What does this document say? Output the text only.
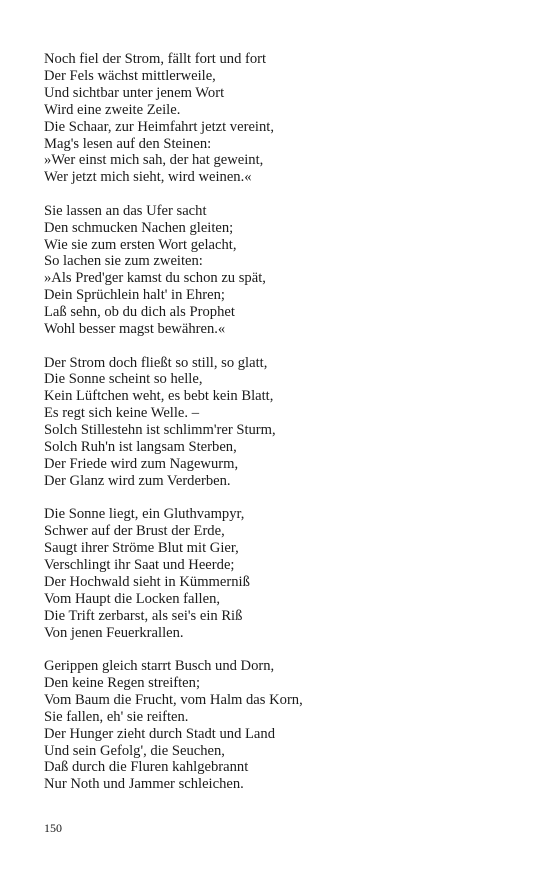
Noch fiel der Strom, fällt fort und fort
Der Fels wächst mittlerweile,
Und sichtbar unter jenem Wort
Wird eine zweite Zeile.
Die Schaar, zur Heimfahrt jetzt vereint,
Mag's lesen auf den Steinen:
»Wer einst mich sah, der hat geweint,
Wer jetzt mich sieht, wird weinen.«
Sie lassen an das Ufer sacht
Den schmucken Nachen gleiten;
Wie sie zum ersten Wort gelacht,
So lachen sie zum zweiten:
»Als Pred'ger kamst du schon zu spät,
Dein Sprüchlein halt' in Ehren;
Laß sehn, ob du dich als Prophet
Wohl besser magst bewähren.«
Der Strom doch fließt so still, so glatt,
Die Sonne scheint so helle,
Kein Lüftchen weht, es bebt kein Blatt,
Es regt sich keine Welle. –
Solch Stillestehn ist schlimm'rer Sturm,
Solch Ruh'n ist langsam Sterben,
Der Friede wird zum Nagewurm,
Der Glanz wird zum Verderben.
Die Sonne liegt, ein Gluthvampyr,
Schwer auf der Brust der Erde,
Saugt ihrer Ströme Blut mit Gier,
Verschlingt ihr Saat und Heerde;
Der Hochwald sieht in Kümmerniß
Vom Haupt die Locken fallen,
Die Trift zerbarst, als sei's ein Riß
Von jenen Feuerkrallen.
Gerippen gleich starrt Busch und Dorn,
Den keine Regen streiften;
Vom Baum die Frucht, vom Halm das Korn,
Sie fallen, eh' sie reiften.
Der Hunger zieht durch Stadt und Land
Und sein Gefolg', die Seuchen,
Daß durch die Fluren kahlgebrannt
Nur Noth und Jammer schleichen.
150
